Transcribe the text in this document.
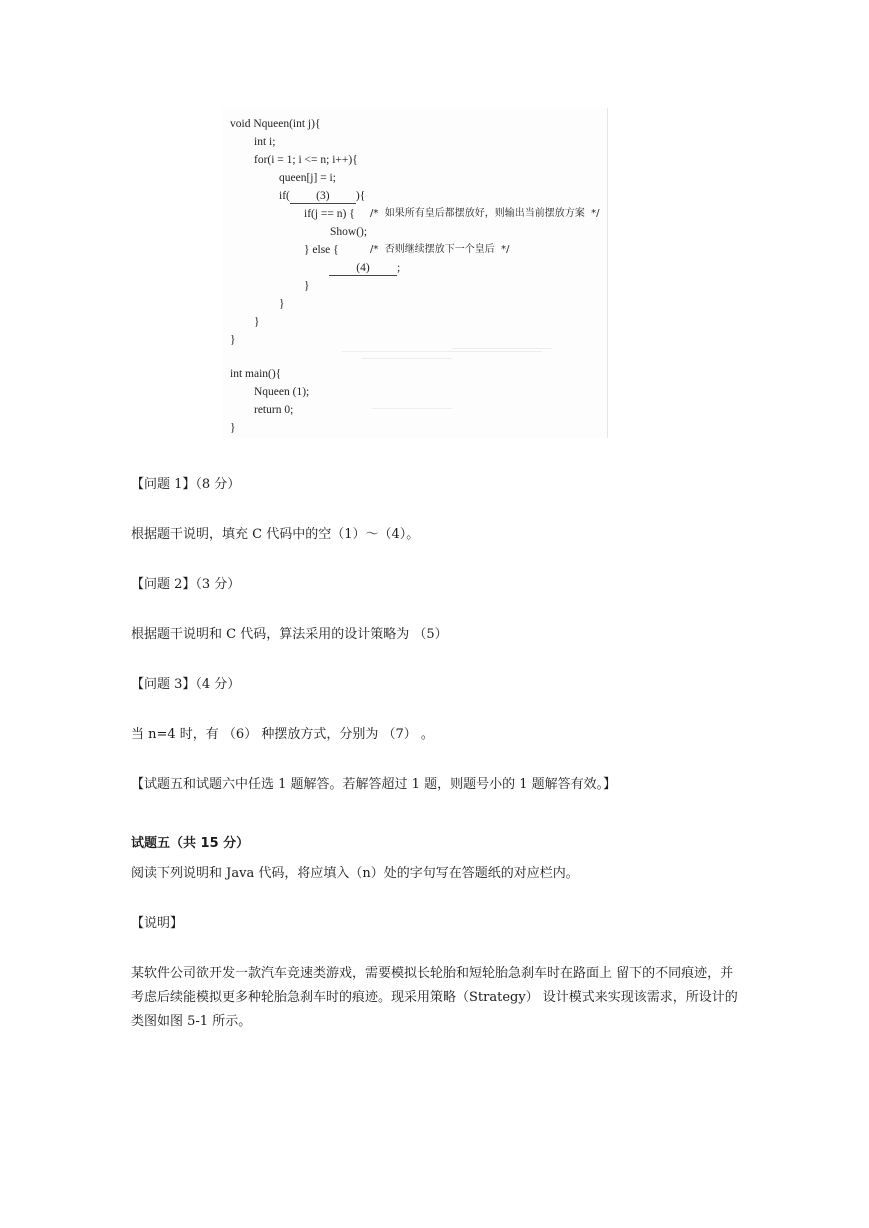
void Nqueen(int j){
int i;
for(i = 1; i <= n; i++){
queen[j] = i;
if( (3) ){
if(j == n) { /*  如果所有皇后都摆放好，则输出当前摆放方案  */
Show();
} else {	/*  否则继续摆放下一个皇后  */
(4) ;
}
}
}
}
int main(){
Nqueen (1);
return 0;
}
【问题 1】（8 分）
根据题干说明，填充 C 代码中的空（1）～（4）。
【问题 2】（3 分）
根据题干说明和 C 代码，算法采用的设计策略为 （5）
【问题 3】（4 分）
当 n=4 时，有 （6） 种摆放方式，分别为 （7） 。
【试题五和试题六中任选 1 题解答。若解答超过 1 题，则题号小的 1 题解答有效。】
试题五（共 15 分）
阅读下列说明和 Java 代码，将应填入（n）处的字句写在答题纸的对应栏内。
【说明】
某软件公司欲开发一款汽车竞速类游戏，需要模拟长轮胎和短轮胎急刹车时在路面上 留下的不同痕迹，并考虑后续能模拟更多种轮胎急刹车时的痕迹。现采用策略（Strategy） 设计模式来实现该需求，所设计的类图如图 5-1 所示。
